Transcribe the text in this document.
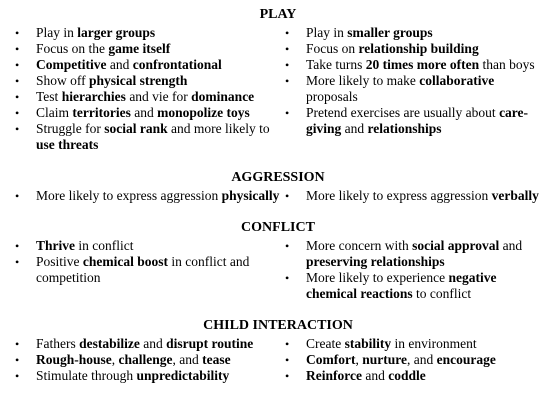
PLAY
• Play in larger groups
• Focus on the game itself
• Competitive and confrontational
• Show off physical strength
• Test hierarchies and vie for dominance
• Claim territories and monopolize toys
• Struggle for social rank and more likely to use threats
• Play in smaller groups
• Focus on relationship building
• Take turns 20 times more often than boys
• More likely to make collaborative proposals
• Pretend exercises are usually about care-giving and relationships
AGGRESSION
• More likely to express aggression physically • More likely to express aggression verbally
CONFLICT
• Thrive in conflict
• Positive chemical boost in conflict and competition
• More concern with social approval and preserving relationships
• More likely to experience negative chemical reactions to conflict
CHILD INTERACTION
• Fathers destabilize and disrupt routine
• Rough-house, challenge, and tease
• Stimulate through unpredictability
• Create stability in environment
• Comfort, nurture, and encourage
• Reinforce and coddle
